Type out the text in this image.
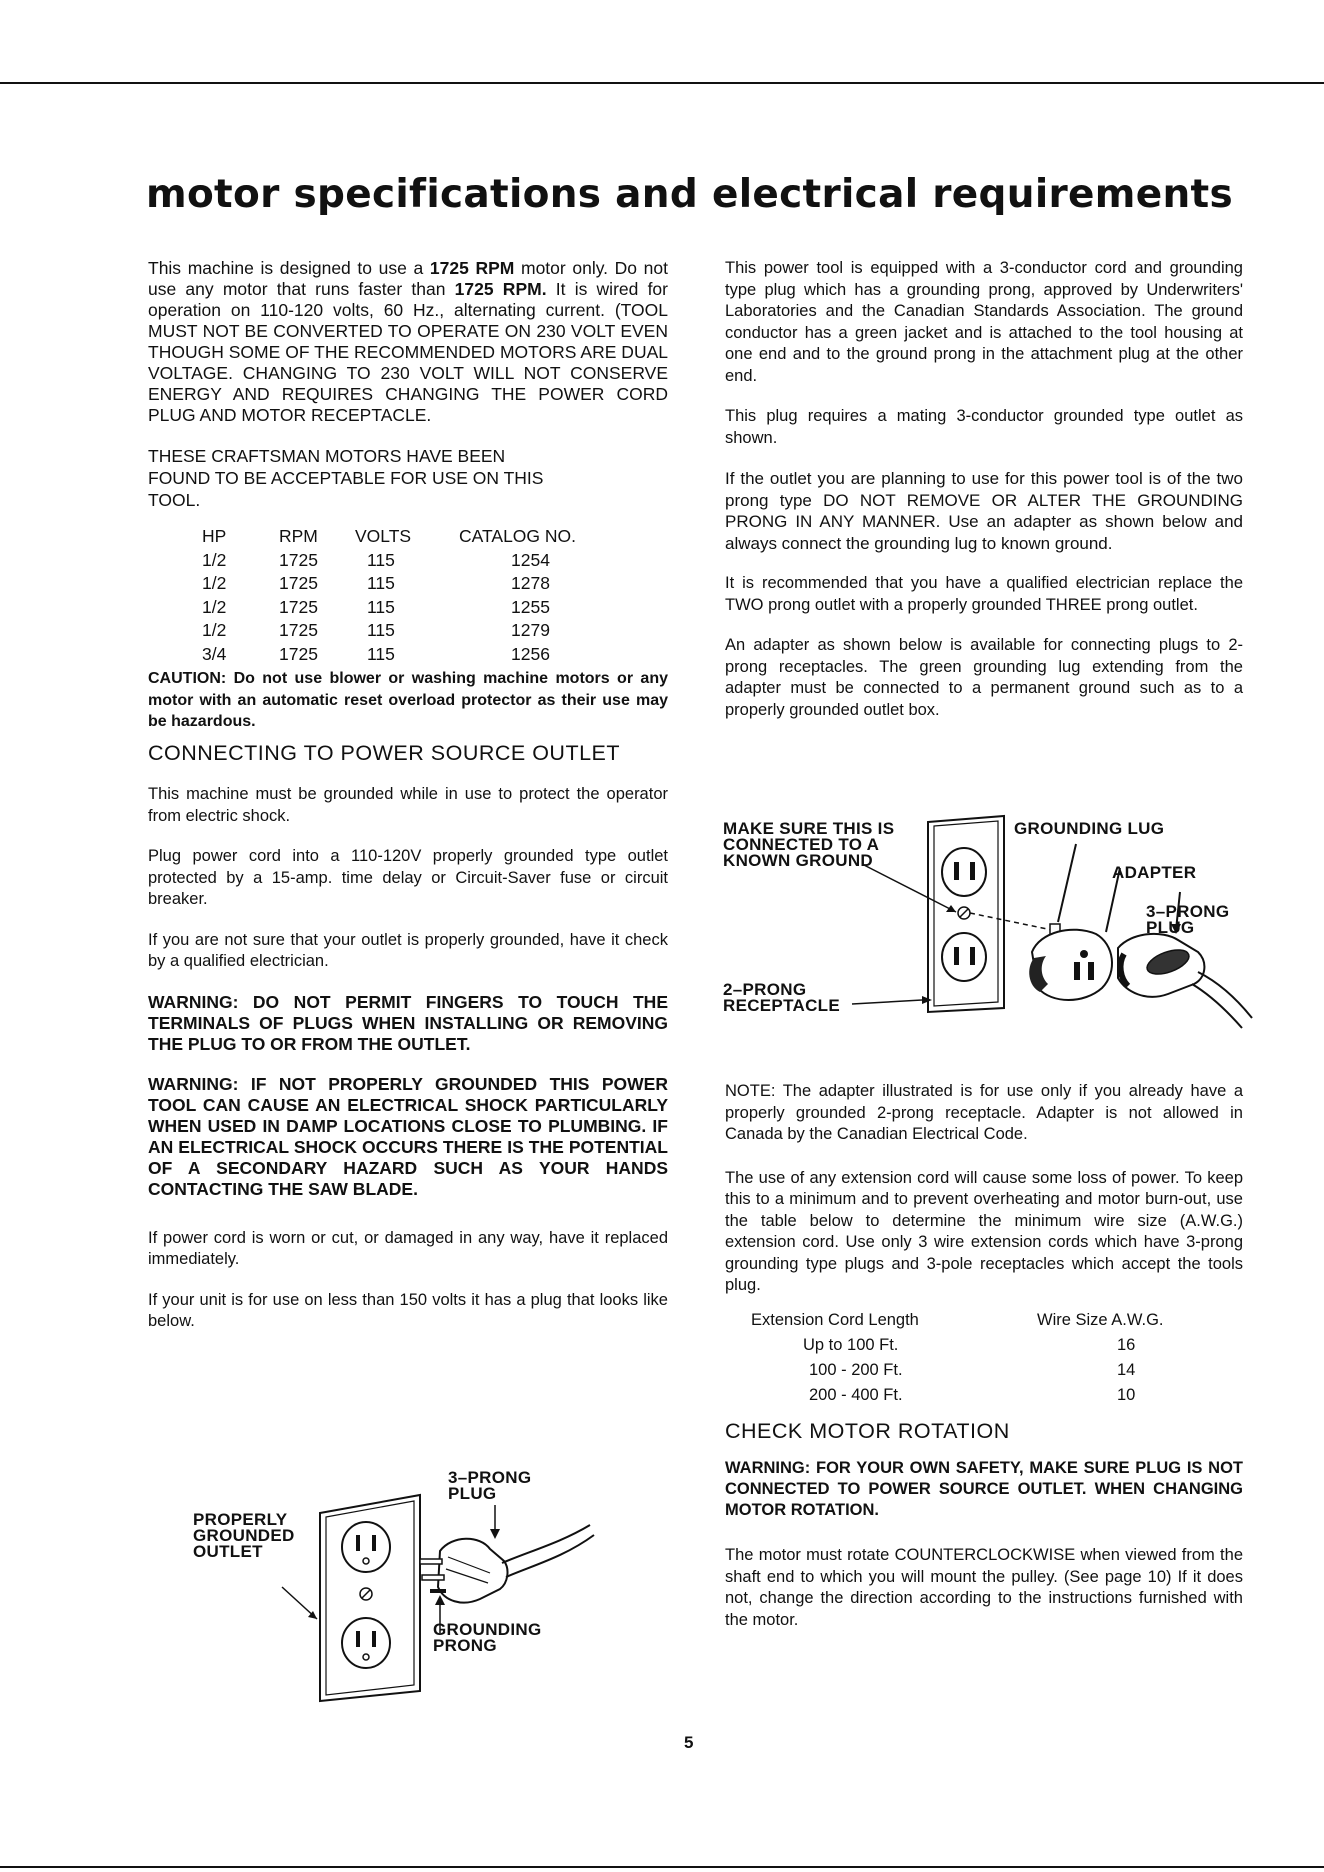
motor specifications and electrical requirements

This machine is designed to use a 1725 RPM motor only. Do not use any motor that runs faster than 1725 RPM. It is wired for operation on 110-120 volts, 60 Hz., alternating current. (TOOL MUST NOT BE CONVERTED TO OPERATE ON 230 VOLT EVEN THOUGH SOME OF THE RECOMMENDED MOTORS ARE DUAL VOLTAGE. CHANGING TO 230 VOLT WILL NOT CONSERVE ENERGY AND REQUIRES CHANGING THE POWER CORD PLUG AND MOTOR RECEPTACLE.

THESE CRAFTSMAN MOTORS HAVE BEEN FOUND TO BE ACCEPTABLE FOR USE ON THIS TOOL.

HP	RPM	VOLTS	CATALOG NO.
1/2	1725	115	1254
1/2	1725	115	1278
1/2	1725	115	1255
1/2	1725	115	1279
3/4	1725	115	1256

CAUTION: Do not use blower or washing machine motors or any motor with an automatic reset overload protector as their use may be hazardous.

CONNECTING TO POWER SOURCE OUTLET

This machine must be grounded while in use to protect the operator from electric shock.

Plug power cord into a 110-120V properly grounded type outlet protected by a 15-amp. time delay or Circuit-Saver fuse or circuit breaker.

If you are not sure that your outlet is properly grounded, have it check by a qualified electrician.

WARNING: DO NOT PERMIT FINGERS TO TOUCH THE TERMINALS OF PLUGS WHEN INSTALLING OR REMOVING THE PLUG TO OR FROM THE OUTLET.

WARNING: IF NOT PROPERLY GROUNDED THIS POWER TOOL CAN CAUSE AN ELECTRICAL SHOCK PARTICULARLY WHEN USED IN DAMP LOCATIONS CLOSE TO PLUMBING. IF AN ELECTRICAL SHOCK OCCURS THERE IS THE POTENTIAL OF A SECONDARY HAZARD SUCH AS YOUR HANDS CONTACTING THE SAW BLADE.

If power cord is worn or cut, or damaged in any way, have it replaced immediately.

If your unit is for use on less than 150 volts it has a plug that looks like below.

PROPERLY GROUNDED OUTLET
3–PRONG PLUG
GROUNDING PRONG

This power tool is equipped with a 3-conductor cord and grounding type plug which has a grounding prong, approved by Underwriters' Laboratories and the Canadian Standards Association. The ground conductor has a green jacket and is attached to the tool housing at one end and to the ground prong in the attachment plug at the other end.

This plug requires a mating 3-conductor grounded type outlet as shown.

If the outlet you are planning to use for this power tool is of the two prong type DO NOT REMOVE OR ALTER THE GROUNDING PRONG IN ANY MANNER. Use an adapter as shown below and always connect the grounding lug to known ground.

It is recommended that you have a qualified electrician replace the TWO prong outlet with a properly grounded THREE prong outlet.

An adapter as shown below is available for connecting plugs to 2-prong receptacles. The green grounding lug extending from the adapter must be connected to a permanent ground such as to a properly grounded outlet box.

MAKE SURE THIS IS CONNECTED TO A KNOWN GROUND
GROUNDING LUG
ADAPTER
3–PRONG PLUG
2–PRONG RECEPTACLE

NOTE: The adapter illustrated is for use only if you already have a properly grounded 2-prong receptacle. Adapter is not allowed in Canada by the Canadian Electrical Code.

The use of any extension cord will cause some loss of power. To keep this to a minimum and to prevent overheating and motor burn-out, use the table below to determine the minimum wire size (A.W.G.) extension cord. Use only 3 wire extension cords which have 3-prong grounding type plugs and 3-pole receptacles which accept the tools plug.

Extension Cord Length	Wire Size A.W.G.
Up to 100 Ft.	16
100 - 200 Ft.	14
200 - 400 Ft.	10
CHECK MOTOR ROTATION

WARNING: FOR YOUR OWN SAFETY, MAKE SURE PLUG IS NOT CONNECTED TO POWER SOURCE OUTLET. WHEN CHANGING MOTOR ROTATION.

The motor must rotate COUNTERCLOCKWISE when viewed from the shaft end to which you will mount the pulley. (See page 10) If it does not, change the direction according to the instructions furnished with the motor.

5
